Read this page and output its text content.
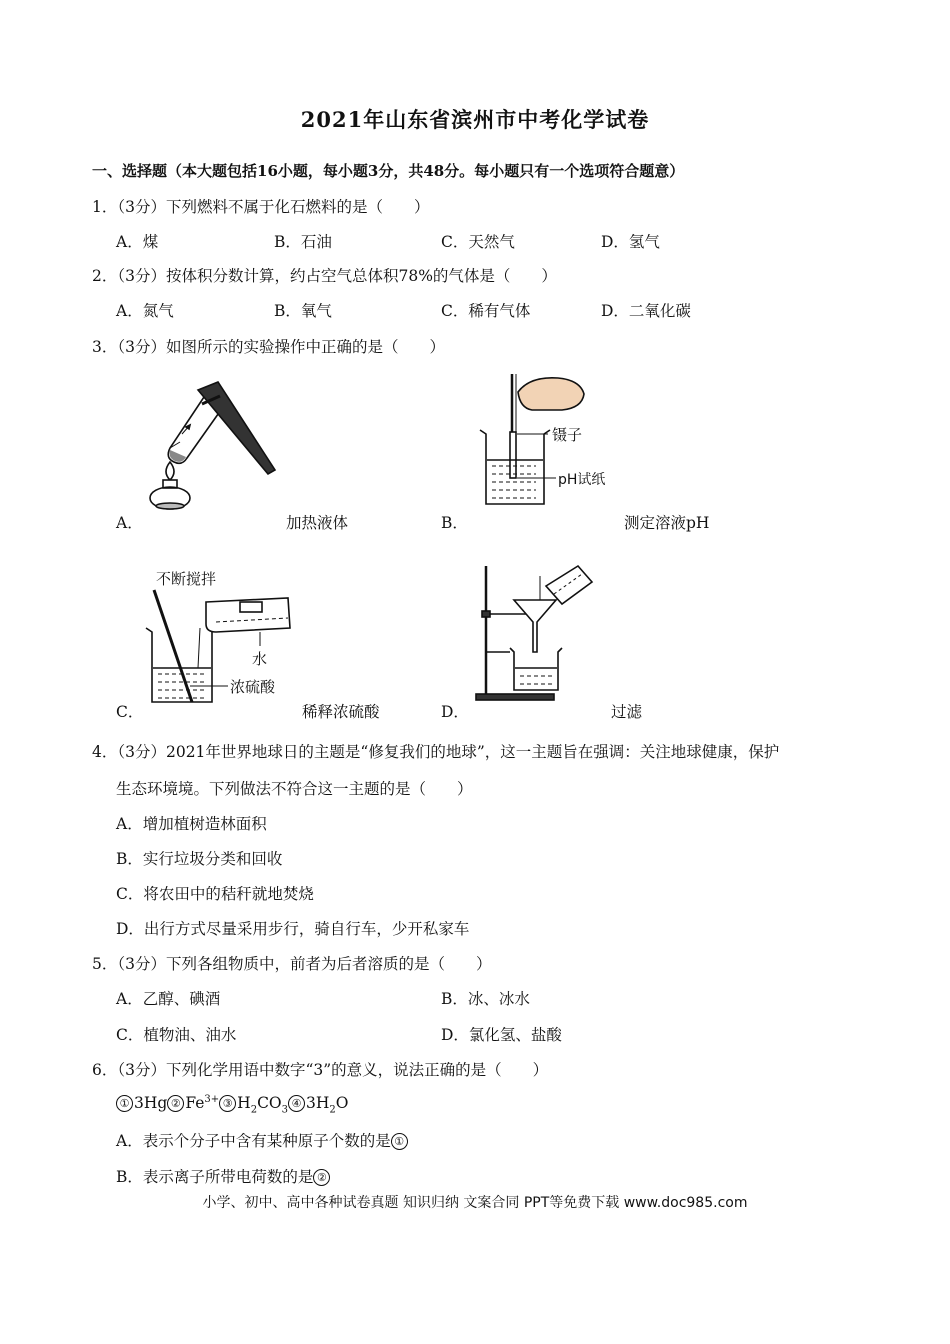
2021年山东省滨州市中考化学试卷
一、选择题（本大题包括16小题，每小题3分，共48分。每小题只有一个选项符合题意）
1．（3分）下列燃料不属于化石燃料的是（　　）
A．煤	B．石油	C．天然气	D．氢气
2．（3分）按体积分数计算，约占空气总体积78%的气体是（　　）
A．氮气	B．氧气	C．稀有气体	D．二氧化碳
3．（3分）如图所示的实验操作中正确的是（　　）
A．	加热液体
镊子
pH试纸
B．	测定溶液pH
不断搅拌
水
浓硫酸
C．	稀释浓硫酸	D．	过滤
4．（3分）2021年世界地球日的主题是“修复我们的地球”，这一主题旨在强调：关注地球健康，保护
生态环境境。下列做法不符合这一主题的是（　　）
A．增加植树造林面积
B．实行垃圾分类和回收
C．将农田中的秸秆就地焚烧
D．出行方式尽量采用步行，骑自行车，少开私家车
5．（3分）下列各组物质中，前者为后者溶质的是（　　）
A．乙醇、碘酒	B．冰、冰水
C．植物油、油水	D．氯化氢、盐酸
6．（3分）下列化学用语中数字“3”的意义，说法正确的是（　　）
① 3Hg ② $Fe^{3+}$ ③ $H_2CO_3$ ④ $3H_2O$
A．表示个分子中含有某种原子个数的是 ①
B．表示离子所带电荷数的是 ②
小学、初中、高中各种试卷真题 知识归纳 文案合同 PPT等免费下载 www.doc985.com
